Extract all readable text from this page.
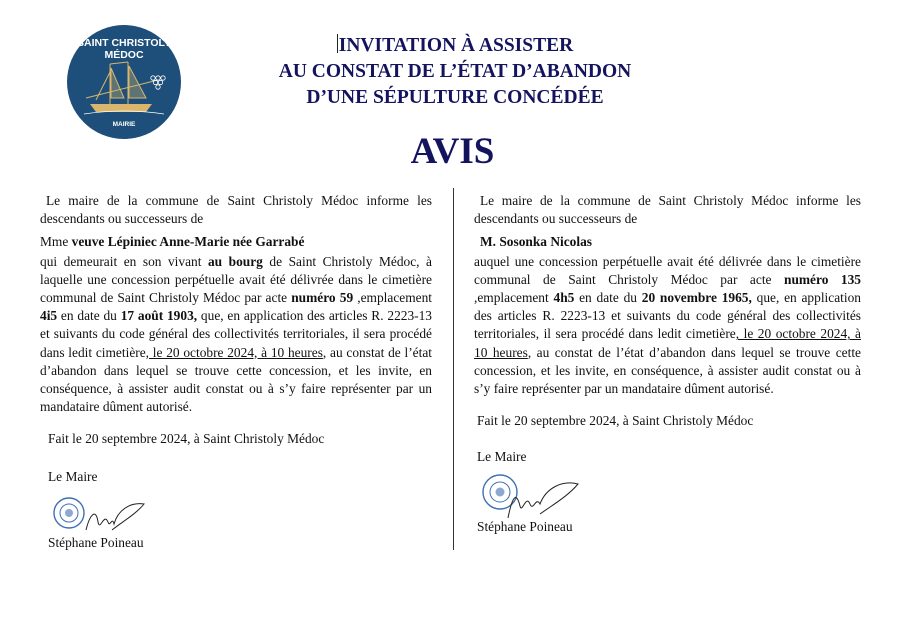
SAINT CHRISTOLY
MÉDOC
MAIRIE
INVITATION À ASSISTER
AU CONSTAT DE L’ÉTAT D’ABANDON
D’UNE SÉPULTURE CONCÉDÉE
AVIS

Le maire de la commune de Saint Christoly Médoc informe les descendants ou successeurs de

Mme veuve Lépiniec Anne-Marie née Garrabé

qui demeurait en son vivant au bourg de Saint Christoly Médoc, à laquelle une concession perpétuelle avait été délivrée dans le cimetière communal de Saint Christoly Médoc par acte numéro 59 ,emplacement 4i5 en date du 17 août 1903, que, en application des articles R. 2223-13 et suivants du code général des collectivités territoriales, il sera procédé dans ledit cimetière, le 20 octobre 2024, à 10 heures, au constat de l’état d’abandon dans lequel se trouve cette concession, et les invite, en conséquence, à assister audit constat ou à s’y faire représenter par un mandataire dûment autorisé.

Fait le 20 septembre 2024, à Saint Christoly Médoc

Le Maire

Stéphane Poineau

Le maire de la commune de Saint Christoly Médoc informe les descendants ou successeurs de

M. Sosonka Nicolas

auquel une concession perpétuelle avait été délivrée dans le cimetière communal de Saint Christoly Médoc par acte numéro 135 ,emplacement 4h5 en date du 20 novembre 1965, que, en application des articles R. 2223-13 et suivants du code général des collectivités territoriales, il sera procédé dans ledit cimetière, le 20 octobre 2024, à 10 heures, au constat de l’état d’abandon dans lequel se trouve cette concession, et les invite, en conséquence, à assister audit constat ou à s’y faire représenter par un mandataire dûment autorisé.

Fait le 20 septembre 2024, à Saint Christoly Médoc

Le Maire

Stéphane Poineau
